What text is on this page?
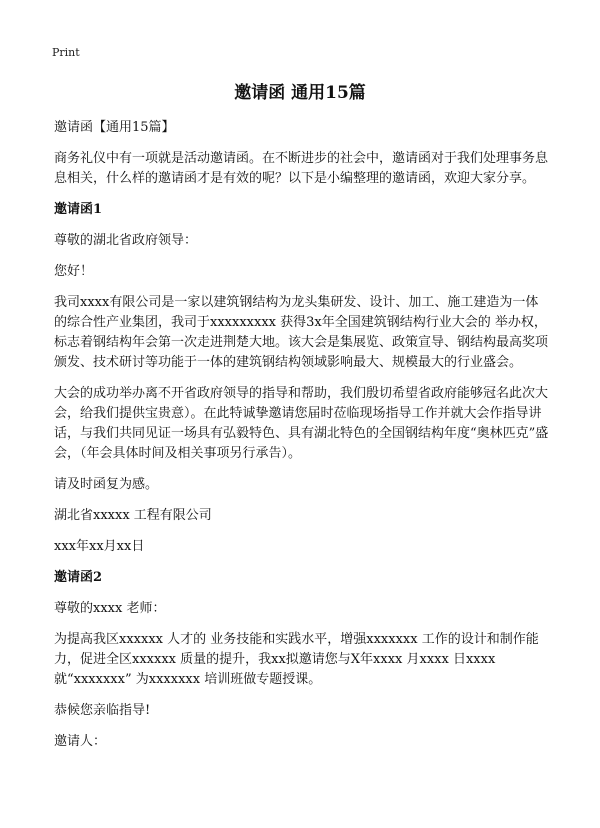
Print
邀请函 通用15篇

邀请函【通用15篇】

商务礼仪中有一项就是活动邀请函。在不断进步的社会中，邀请函对于我们处理事务息息相关，什么样的邀请函才是有效的呢？以下是小编整理的邀请函，欢迎大家分享。

邀请函1

尊敬的湖北省政府领导：

您好！

我司xxxx有限公司是一家以建筑钢结构为龙头集研发、设计、加工、施工建造为一体的综合性产业集团，我司于xxxxxxxxx 获得3x年全国建筑钢结构行业大会的 举办权，标志着钢结构年会第一次走进荆楚大地。该大会是集展览、政策宣导、钢结构最高奖项颁发、技术研讨等功能于一体的建筑钢结构领域影响最大、规模最大的行业盛会。

大会的成功举办离不开省政府领导的指导和帮助，我们殷切希望省政府能够冠名此次大会，给我们提供宝贵意）。在此特诚挚邀请您届时莅临现场指导工作并就大会作指导讲话，与我们共同见证一场具有弘毅特色、具有湖北特色的全国钢结构年度“奥林匹克”盛会，（年会具体时间及相关事项另行承告）。

请及时函复为感。

湖北省xxxxx 工程有限公司

xxx年xx月xx日

邀请函2

尊敬的xxxx 老师：

为提高我区xxxxxx 人才的 业务技能和实践水平，增强xxxxxxx 工作的设计和制作能力，促进全区xxxxxx 质量的提升，我xx拟邀请您与X年xxxx 月xxxx 日xxxx 就“xxxxxxx” 为xxxxxxx 培训班做专题授课。

恭候您亲临指导!

邀请人：
